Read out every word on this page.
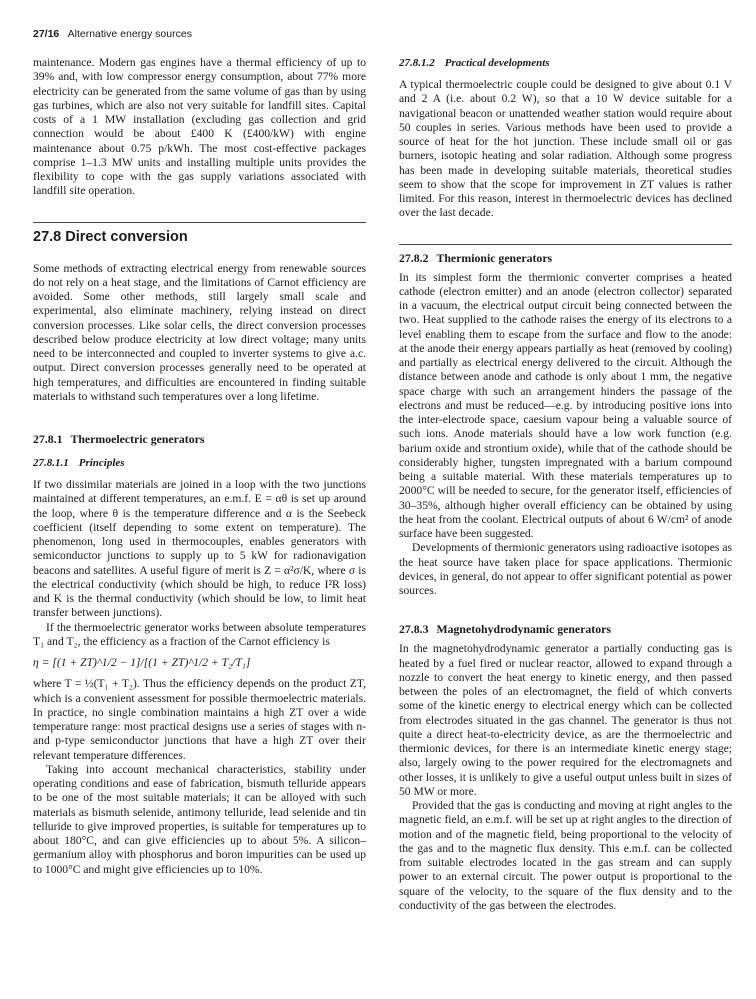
27/16 Alternative energy sources

maintenance. Modern gas engines have a thermal efficiency of up to 39% and, with low compressor energy consumption, about 77% more electricity can be generated from the same volume of gas than by using gas turbines, which are also not very suitable for landfill sites. Capital costs of a 1 MW installation (excluding gas collection and grid connection would be about £400 K (£400/kW) with engine maintenance about 0.75 p/kWh. The most cost-effective packages comprise 1–1.3 MW units and installing multiple units provides the flexibility to cope with the gas supply variations associated with landfill site operation.

27.8 Direct conversion

Some methods of extracting electrical energy from renewable sources do not rely on a heat stage, and the limitations of Carnot efficiency are avoided. Some other methods, still largely small scale and experimental, also eliminate machinery, relying instead on direct conversion processes. Like solar cells, the direct conversion processes described below produce electricity at low direct voltage; many units need to be interconnected and coupled to inverter systems to give a.c. output. Direct conversion processes generally need to be operated at high temperatures, and difficulties are encountered in finding suitable materials to withstand such temperatures over a long lifetime.

27.8.1 Thermoelectric generators
27.8.1.1 Principles

If two dissimilar materials are joined in a loop with the two junctions maintained at different temperatures, an e.m.f. E = αθ is set up around the loop, where θ is the temperature difference and α is the Seebeck coefficient (itself depending to some extent on temperature). The phenomenon, long used in thermocouples, enables generators with semiconductor junctions to supply up to 5 kW for radionavigation beacons and satellites. A useful figure of merit is Z = α²σ/K, where σ is the electrical conductivity (which should be high, to reduce I²R loss) and K is the thermal conductivity (which should be low, to limit heat transfer between junctions).

If the thermoelectric generator works between absolute temperatures T₁ and T₂, the efficiency as a fraction of the Carnot efficiency is

η = [(1 + ZT)^1/2 − 1]/[(1 + ZT)^1/2 + T₂/T₁]

where T = ½(T₁ + T₂). Thus the efficiency depends on the product ZT, which is a convenient assessment for possible thermoelectric materials. In practice, no single combination maintains a high ZT over a wide temperature range: most practical designs use a series of stages with n- and p-type semiconductor junctions that have a high ZT over their relevant temperature differences.

Taking into account mechanical characteristics, stability under operating conditions and ease of fabrication, bismuth telluride appears to be one of the most suitable materials; it can be alloyed with such materials as bismuth selenide, antimony telluride, lead selenide and tin telluride to give improved properties, is suitable for temperatures up to about 180°C, and can give efficiencies up to about 5%. A silicon–germanium alloy with phosphorus and boron impurities can be used up to 1000°C and might give efficiencies up to 10%.

27.8.1.2 Practical developments

A typical thermoelectric couple could be designed to give about 0.1 V and 2 A (i.e. about 0.2 W), so that a 10 W device suitable for a navigational beacon or unattended weather station would require about 50 couples in series. Various methods have been used to provide a source of heat for the hot junction. These include small oil or gas burners, isotopic heating and solar radiation. Although some progress has been made in developing suitable materials, theoretical studies seem to show that the scope for improvement in ZT values is rather limited. For this reason, interest in thermoelectric devices has declined over the last decade.

27.8.2 Thermionic generators

In its simplest form the thermionic converter comprises a heated cathode (electron emitter) and an anode (electron collector) separated in a vacuum, the electrical output circuit being connected between the two. Heat supplied to the cathode raises the energy of its electrons to a level enabling them to escape from the surface and flow to the anode: at the anode their energy appears partially as heat (removed by cooling) and partially as electrical energy delivered to the circuit. Although the distance between anode and cathode is only about 1 mm, the negative space charge with such an arrangement hinders the passage of the electrons and must be reduced—e.g. by introducing positive ions into the inter-electrode space, caesium vapour being a valuable source of such ions. Anode materials should have a low work function (e.g. barium oxide and strontium oxide), while that of the cathode should be considerably higher, tungsten impregnated with a barium compound being a suitable material. With these materials temperatures up to 2000°C will be needed to secure, for the generator itself, efficiencies of 30–35%, although higher overall efficiency can be obtained by using the heat from the coolant. Electrical outputs of about 6 W/cm² of anode surface have been suggested.

Developments of thermionic generators using radioactive isotopes as the heat source have taken place for space applications. Thermionic devices, in general, do not appear to offer significant potential as power sources.

27.8.3 Magnetohydrodynamic generators

In the magnetohydrodynamic generator a partially conducting gas is heated by a fuel fired or nuclear reactor, allowed to expand through a nozzle to convert the heat energy to kinetic energy, and then passed between the poles of an electromagnet, the field of which converts some of the kinetic energy to electrical energy which can be collected from electrodes situated in the gas channel. The generator is thus not quite a direct heat-to-electricity device, as are the thermoelectric and thermionic devices, for there is an intermediate kinetic energy stage; also, largely owing to the power required for the electromagnets and other losses, it is unlikely to give a useful output unless built in sizes of 50 MW or more.

Provided that the gas is conducting and moving at right angles to the magnetic field, an e.m.f. will be set up at right angles to the direction of motion and of the magnetic field, being proportional to the velocity of the gas and to the magnetic flux density. This e.m.f. can be collected from suitable electrodes located in the gas stream and can supply power to an external circuit. The power output is proportional to the square of the velocity, to the square of the flux density and to the conductivity of the gas between the electrodes.
